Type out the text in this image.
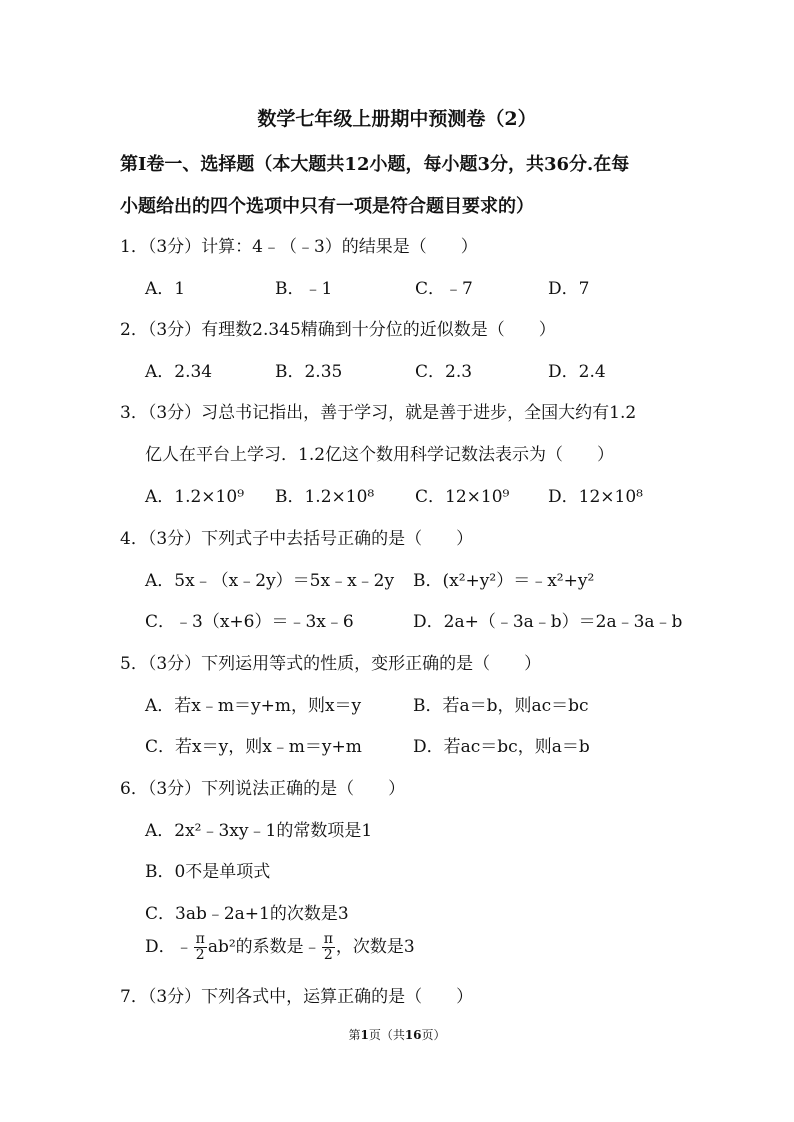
数学七年级上册期中预测卷（2）
第Ⅰ卷一、选择题（本大题共12小题，每小题3分，共36分.在每
小题给出的四个选项中只有一项是符合题目要求的）
1．（3分）计算：4﹣（﹣3）的结果是（　　）
A．1	B．﹣1	C．﹣7	D．7
2．（3分）有理数2.345精确到十分位的近似数是（　　）
A．2.34	B．2.35	C．2.3	D．2.4
3．（3分）习总书记指出，善于学习，就是善于进步，全国大约有1.2
亿人在平台上学习．1.2亿这个数用科学记数法表示为（　　）
A．1.2×10⁹ B．1.2×10⁸ C．12×10⁹ D．12×10⁸
4．（3分）下列式子中去括号正确的是（　　）
A．5x﹣（x﹣2y）＝5x﹣x﹣2y B．(x²+y²）＝﹣x²+y²
C．﹣3（x+6）＝﹣3x﹣6	D．2a+（﹣3a﹣b）＝2a﹣3a﹣b
5．（3分）下列运用等式的性质，变形正确的是（　　）
A．若x﹣m＝y+m，则x＝y	B．若a＝b，则ac＝bc
C．若x＝y，则x﹣m＝y+m	D．若ac＝bc，则a＝b
6．（3分）下列说法正确的是（　　）
A．2x²﹣3xy﹣1的常数项是1
B．0不是单项式
C．3ab﹣2a+1的次数是3
D．﹣ $\frac{\pi}{2} ab^2$的系数是﹣ $\frac{\pi}{2}$ ，次数是3
7．（3分）下列各式中，运算正确的是（　　）
第1页（共16页）
